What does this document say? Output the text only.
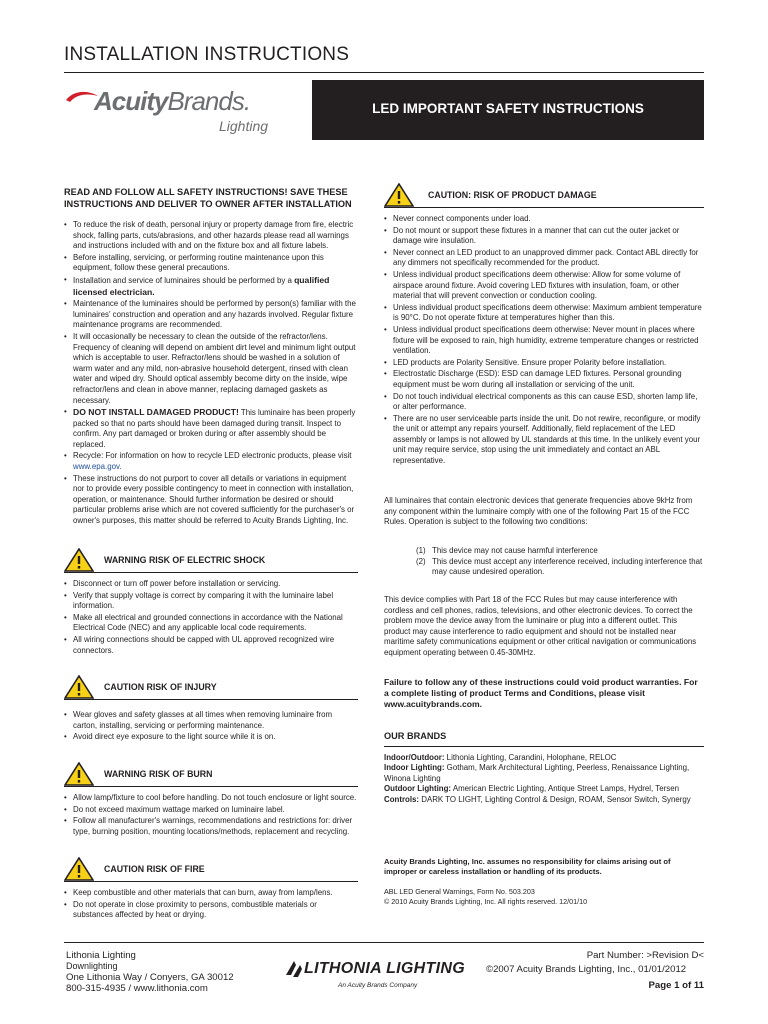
INSTALLATION INSTRUCTIONS
AcuityBrands.
Lighting
LED IMPORTANT SAFETY INSTRUCTIONS
READ AND FOLLOW ALL SAFETY INSTRUCTIONS! SAVE THESE INSTRUCTIONS AND DELIVER TO OWNER AFTER INSTALLATION
• To reduce the risk of death, personal injury or property damage from fire, electric shock, falling parts, cuts/abrasions, and other hazards please read all warnings and instructions included with and on the fixture box and all fixture labels.
• Before installing, servicing, or performing routine maintenance upon this equipment, follow these general precautions.
• Installation and service of luminaires should be performed by a qualified licensed electrician.
• Maintenance of the luminaires should be performed by person(s) familiar with the luminaires' construction and operation and any hazards involved. Regular fixture maintenance programs are recommended.
• It will occasionally be necessary to clean the outside of the refractor/lens. Frequency of cleaning will depend on ambient dirt level and minimum light output which is acceptable to user. Refractor/lens should be washed in a solution of warm water and any mild, non-abrasive household detergent, rinsed with clean water and wiped dry. Should optical assembly become dirty on the inside, wipe refractor/lens and clean in above manner, replacing damaged gaskets as necessary.
• DO NOT INSTALL DAMAGED PRODUCT! This luminaire has been properly packed so that no parts should have been damaged during transit. Inspect to confirm. Any part damaged or broken during or after assembly should be replaced.
• Recycle: For information on how to recycle LED electronic products, please visit www.epa.gov.
• These instructions do not purport to cover all details or variations in equipment nor to provide every possible contingency to meet in connection with installation, operation, or maintenance. Should further information be desired or should particular problems arise which are not covered sufficiently for the purchaser's or owner's purposes, this matter should be referred to Acuity Brands Lighting, Inc.
WARNING RISK OF ELECTRIC SHOCK
• Disconnect or turn off power before installation or servicing.
• Verify that supply voltage is correct by comparing it with the luminaire label information.
• Make all electrical and grounded connections in accordance with the National Electrical Code (NEC) and any applicable local code requirements.
• All wiring connections should be capped with UL approved recognized wire connectors.
CAUTION RISK OF INJURY
• Wear gloves and safety glasses at all times when removing luminaire from carton, installing, servicing or performing maintenance.
• Avoid direct eye exposure to the light source while it is on.
WARNING RISK OF BURN
• Allow lamp/fixture to cool before handling. Do not touch enclosure or light source.
• Do not exceed maximum wattage marked on luminaire label.
• Follow all manufacturer's warnings, recommendations and restrictions for: driver type, burning position, mounting locations/methods, replacement and recycling.
CAUTION RISK OF FIRE
• Keep combustible and other materials that can burn, away from lamp/lens.
• Do not operate in close proximity to persons, combustible materials or substances affected by heat or drying.
CAUTION: RISK OF PRODUCT DAMAGE
• Never connect components under load.
• Do not mount or support these fixtures in a manner that can cut the outer jacket or damage wire insulation.
• Never connect an LED product to an unapproved dimmer pack. Contact ABL directly for any dimmers not specifically recommended for the product.
• Unless individual product specifications deem otherwise: Allow for some volume of airspace around fixture. Avoid covering LED fixtures with insulation, foam, or other material that will prevent convection or conduction cooling.
• Unless individual product specifications deem otherwise: Maximum ambient temperature is 90°C. Do not operate fixture at temperatures higher than this.
• Unless individual product specifications deem otherwise: Never mount in places where fixture will be exposed to rain, high humidity, extreme temperature changes or restricted ventilation.
• LED products are Polarity Sensitive. Ensure proper Polarity before installation.
• Electrostatic Discharge (ESD): ESD can damage LED fixtures. Personal grounding equipment must be worn during all installation or servicing of the unit.
• Do not touch individual electrical components as this can cause ESD, shorten lamp life, or alter performance.
• There are no user serviceable parts inside the unit. Do not rewire, reconfigure, or modify the unit or attempt any repairs yourself. Additionally, field replacement of the LED assembly or lamps is not allowed by UL standards at this time. In the unlikely event your unit may require service, stop using the unit immediately and contact an ABL representative.
All luminaires that contain electronic devices that generate frequencies above 9kHz from any component within the luminaire comply with one of the following Part 15 of the FCC Rules. Operation is subject to the following two conditions:
(1) This device may not cause harmful interference
(2) This device must accept any interference received, including interference that may cause undesired operation.
This device complies with Part 18 of the FCC Rules but may cause interference with cordless and cell phones, radios, televisions, and other electronic devices. To correct the problem move the device away from the luminaire or plug into a different outlet. This product may cause interference to radio equipment and should not be installed near maritime safety communications equipment or other critical navigation or communications equipment operating between 0.45-30MHz.
Failure to follow any of these instructions could void product warranties. For a complete listing of product Terms and Conditions, please visit www.acuitybrands.com.
OUR BRANDS
Indoor/Outdoor: Lithonia Lighting, Carandini, Holophane, RELOC
Indoor Lighting: Gotham, Mark Architectural Lighting, Peerless, Renaissance Lighting, Winona Lighting
Outdoor Lighting: American Electric Lighting, Antique Street Lamps, Hydrel, Tersen
Controls: DARK TO LIGHT, Lighting Control & Design, ROAM, Sensor Switch, Synergy
Acuity Brands Lighting, Inc. assumes no responsibility for claims arising out of improper or careless installation or handling of its products.
ABL LED General Warnings, Form No. 503.203
© 2010 Acuity Brands Lighting, Inc. All rights reserved. 12/01/10
Lithonia Lighting
Downlighting
One Lithonia Way / Conyers, GA 30012
800-315-4935 / www.lithonia.com
LITHONIA LIGHTING
An Acuity Brands Company
©2007 Acuity Brands Lighting, Inc., 01/01/2012
Part Number: >Revision D<
Page 1 of 11
